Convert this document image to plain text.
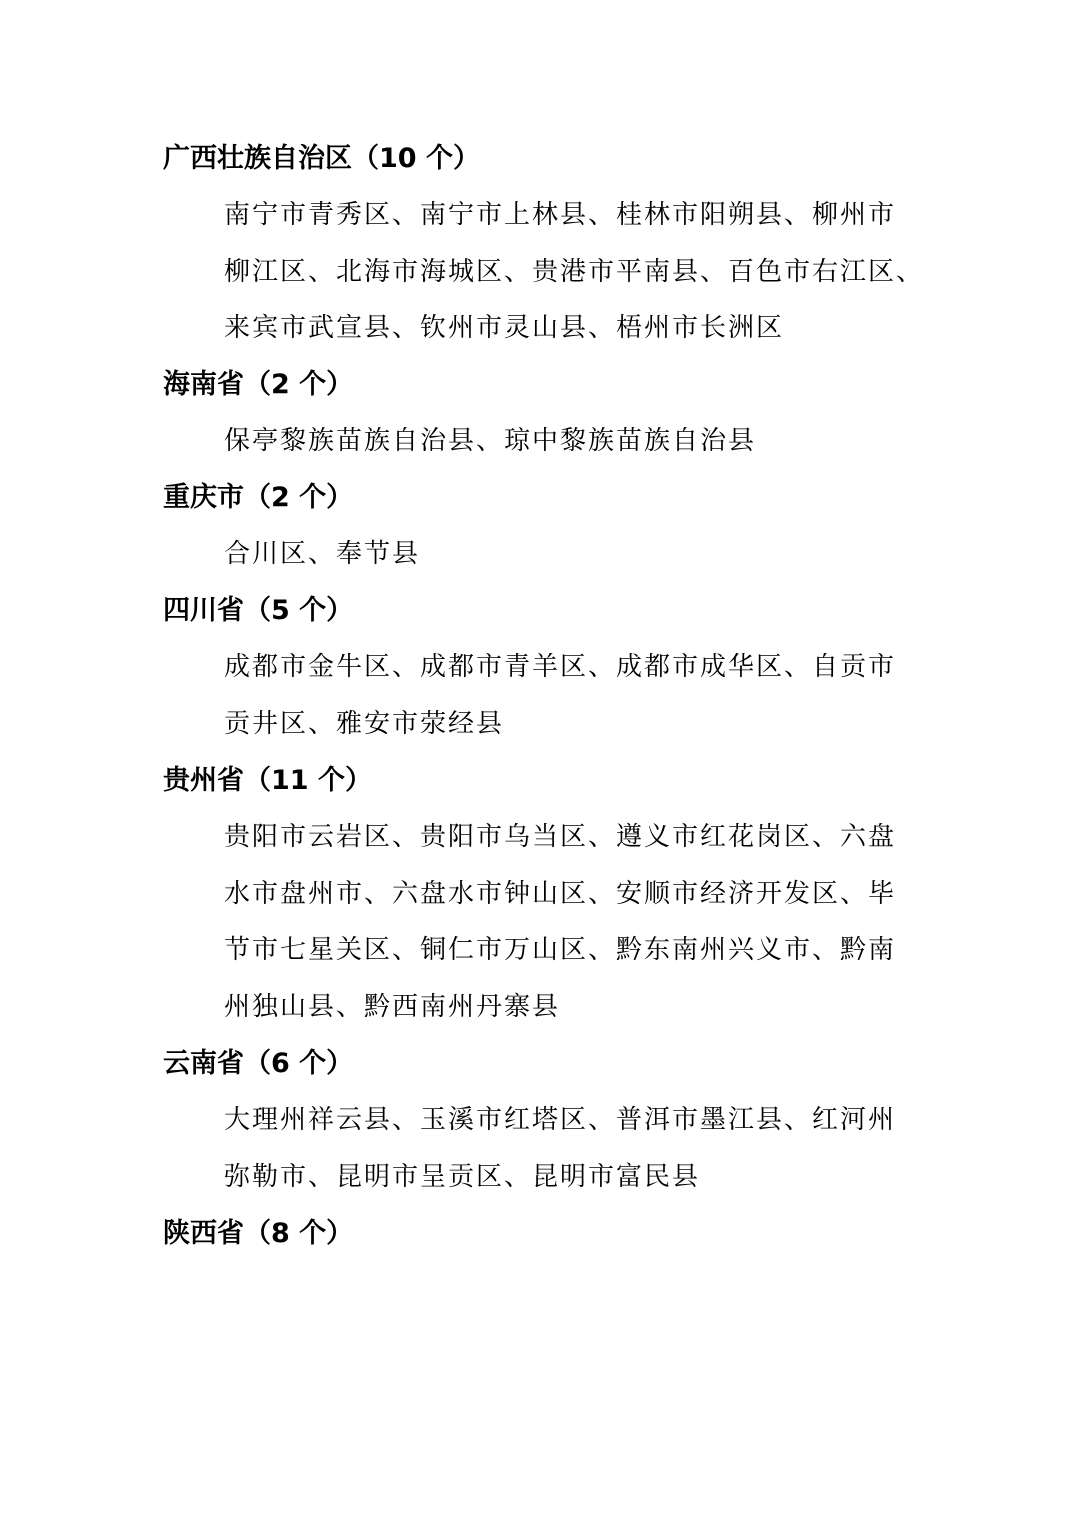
广西壮族自治区（10 个）
南宁市青秀区、南宁市上林县、桂林市阳朔县、柳州市
柳江区、北海市海城区、贵港市平南县、百色市右江区、
来宾市武宣县、钦州市灵山县、梧州市长洲区
海南省（2 个）
保亭黎族苗族自治县、琼中黎族苗族自治县
重庆市（2 个）
合川区、奉节县
四川省（5 个）
成都市金牛区、成都市青羊区、成都市成华区、自贡市
贡井区、雅安市荥经县
贵州省（11 个）
贵阳市云岩区、贵阳市乌当区、遵义市红花岗区、六盘
水市盘州市、六盘水市钟山区、安顺市经济开发区、毕
节市七星关区、铜仁市万山区、黔东南州兴义市、黔南
州独山县、黔西南州丹寨县
云南省（6 个）
大理州祥云县、玉溪市红塔区、普洱市墨江县、红河州
弥勒市、昆明市呈贡区、昆明市富民县
陕西省（8 个）
